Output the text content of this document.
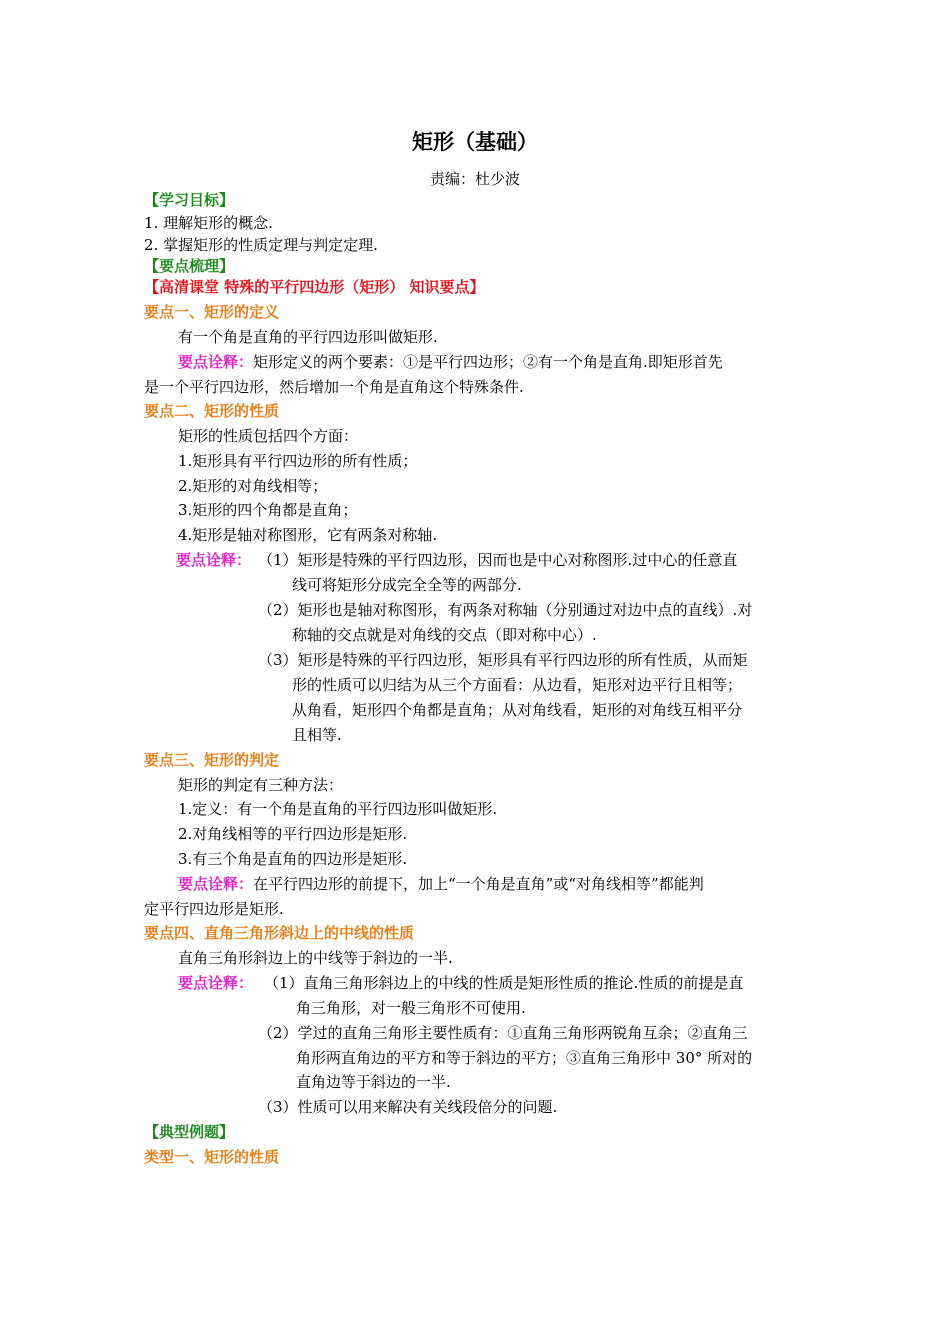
矩形（基础）
责编：杜少波
【学习目标】
1. 理解矩形的概念.
2. 掌握矩形的性质定理与判定定理.
【要点梳理】
【高清课堂 特殊的平行四边形（矩形） 知识要点】
要点一、矩形的定义
有一个角是直角的平行四边形叫做矩形.
要点诠释：矩形定义的两个要素：①是平行四边形；②有一个角是直角.即矩形首先
是一个平行四边形，然后增加一个角是直角这个特殊条件.
要点二、矩形的性质
矩形的性质包括四个方面：
1.矩形具有平行四边形的所有性质；
2.矩形的对角线相等；
3.矩形的四个角都是直角；
4.矩形是轴对称图形，它有两条对称轴.
要点诠释： （1）矩形是特殊的平行四边形，因而也是中心对称图形.过中心的任意直
线可将矩形分成完全全等的两部分.
（2）矩形也是轴对称图形，有两条对称轴（分别通过对边中点的直线）.对
称轴的交点就是对角线的交点（即对称中心）.
（3）矩形是特殊的平行四边形，矩形具有平行四边形的所有性质，从而矩
形的性质可以归结为从三个方面看：从边看，矩形对边平行且相等；
从角看，矩形四个角都是直角；从对角线看，矩形的对角线互相平分
且相等.
要点三、矩形的判定
矩形的判定有三种方法：
1.定义：有一个角是直角的平行四边形叫做矩形.
2.对角线相等的平行四边形是矩形.
3.有三个角是直角的四边形是矩形.
要点诠释：在平行四边形的前提下，加上“一个角是直角”或“对角线相等”都能判
定平行四边形是矩形.
要点四、直角三角形斜边上的中线的性质
直角三角形斜边上的中线等于斜边的一半.
要点诠释： （1）直角三角形斜边上的中线的性质是矩形性质的推论.性质的前提是直
角三角形，对一般三角形不可使用.
（2）学过的直角三角形主要性质有：①直角三角形两锐角互余；②直角三
角形两直角边的平方和等于斜边的平方；③直角三角形中 30° 所对的
直角边等于斜边的一半.
（3）性质可以用来解决有关线段倍分的问题.
【典型例题】
类型一、矩形的性质
